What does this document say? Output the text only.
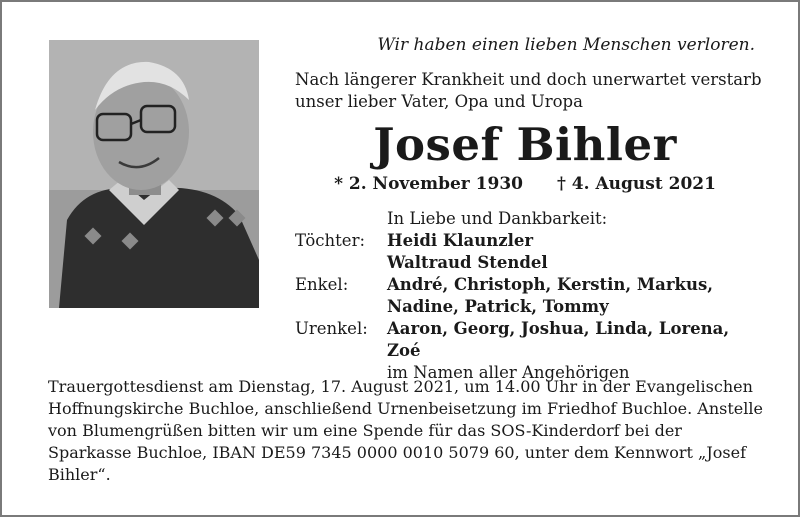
Wir haben einen lieben Menschen verloren.
Nach längerer Krankheit und doch unerwartet verstarb unser lieber Vater, Opa und Uropa
Josef Bihler
* 2. November 1930 † 4. August 2021
In Liebe und Dankbarkeit:
Töchter:	Heidi Klaunzler
Waltraud Stendel
Enkel:	André, Christoph, Kerstin, Markus,
Nadine, Patrick, Tommy
Urenkel:	Aaron, Georg, Joshua, Linda, Lorena, Zoé
im Namen aller Angehörigen
Trauergottesdienst am Dienstag, 17. August 2021, um 14.00 Uhr in der Evangelischen Hoffnungskirche Buchloe, anschließend Urnenbeisetzung im Friedhof Buchloe. Anstelle von Blumengrüßen bitten wir um eine Spende für das SOS-Kinderdorf bei der Sparkasse Buchloe, IBAN DE59 7345 0000 0010 5079 60, unter dem Kennwort „Josef Bihler“.
